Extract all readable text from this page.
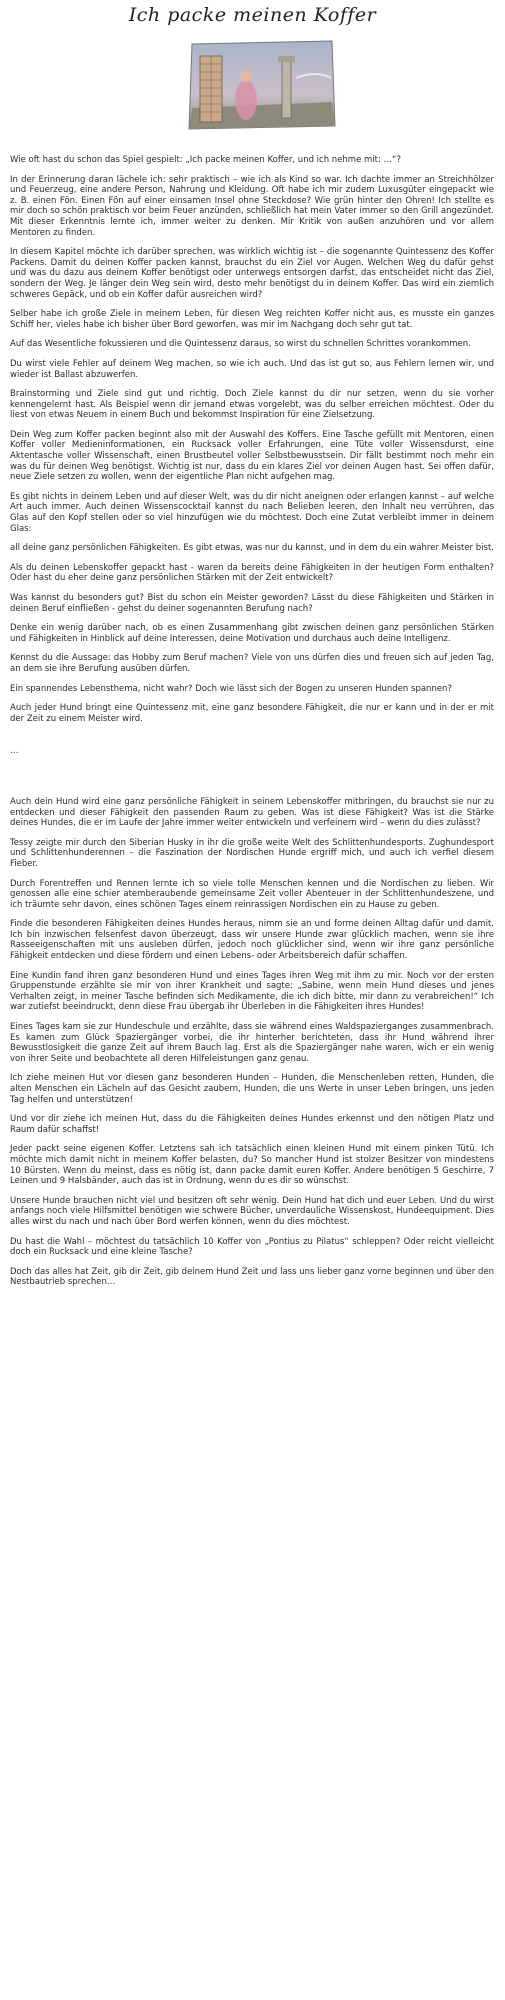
Ich packe meinen Koffer

Wie oft hast du schon das Spiel gespielt: „Ich packe meinen Koffer, und ich nehme mit: …“?

In der Erinnerung daran lächele ich: sehr praktisch – wie ich als Kind so war. Ich dachte immer an Streichhölzer und Feuerzeug, eine andere Person, Nahrung und Kleidung. Oft habe ich mir zudem Luxusgüter eingepackt wie z. B. einen Fön. Einen Fön auf einer einsamen Insel ohne Steckdose? Wie grün hinter den Ohren! Ich stellte es mir doch so schön praktisch vor beim Feuer anzünden, schließlich hat mein Vater immer so den Grill angezündet. Mit dieser Erkenntnis lernte ich, immer weiter zu denken. Mir Kritik von außen anzuhören und vor allem Mentoren zu finden.

In diesem Kapitel möchte ich darüber sprechen, was wirklich wichtig ist – die sogenannte Quintessenz des Koffer Packens. Damit du deinen Koffer packen kannst, brauchst du ein Ziel vor Augen. Welchen Weg du dafür gehst und was du dazu aus deinem Koffer benötigst oder unterwegs entsorgen darfst, das entscheidet nicht das Ziel, sondern der Weg. Je länger dein Weg sein wird, desto mehr benötigst du in deinem Koffer. Das wird ein ziemlich schweres Gepäck, und ob ein Koffer dafür ausreichen wird?

Selber habe ich große Ziele in meinem Leben, für diesen Weg reichten Koffer nicht aus, es musste ein ganzes Schiff her, vieles habe ich bisher über Bord geworfen, was mir im Nachgang doch sehr gut tat.

Auf das Wesentliche fokussieren und die Quintessenz daraus, so wirst du schnellen Schrittes vorankommen.

Du wirst viele Fehler auf deinem Weg machen, so wie ich auch. Und das ist gut so, aus Fehlern lernen wir, und wieder ist Ballast abzuwerfen.

Brainstorming und Ziele sind gut und richtig. Doch Ziele kannst du dir nur setzen, wenn du sie vorher kennengelernt hast. Als Beispiel wenn dir jemand etwas vorgelebt, was du selber erreichen möchtest. Oder du liest von etwas Neuem in einem Buch und bekommst Inspiration für eine Zielsetzung.

Dein Weg zum Koffer packen beginnt also mit der Auswahl des Koffers. Eine Tasche gefüllt mit Mentoren, einen Koffer voller Medieninformationen, ein Rucksack voller Erfahrungen, eine Tüte voller Wissensdurst, eine Aktentasche voller Wissenschaft, einen Brustbeutel voller Selbstbewusstsein. Dir fällt bestimmt noch mehr ein was du für deinen Weg benötigst. Wichtig ist nur, dass du ein klares Ziel vor deinen Augen hast. Sei offen dafür, neue Ziele setzen zu wollen, wenn der eigentliche Plan nicht aufgehen mag.

Es gibt nichts in deinem Leben und auf dieser Welt, was du dir nicht aneignen oder erlangen kannst – auf welche Art auch immer. Auch deinen Wissenscocktail kannst du nach Belieben leeren, den Inhalt neu verrühren, das Glas auf den Kopf stellen oder so viel hinzufügen wie du möchtest. Doch eine Zutat verbleibt immer in deinem Glas:

all deine ganz persönlichen Fähigkeiten. Es gibt etwas, was nur du kannst, und in dem du ein wahrer Meister bist.

Als du deinen Lebenskoffer gepackt hast - waren da bereits deine Fähigkeiten in der heutigen Form enthalten? Oder hast du eher deine ganz persönlichen Stärken mit der Zeit entwickelt?

Was kannst du besonders gut? Bist du schon ein Meister geworden? Lässt du diese Fähigkeiten und Stärken in deinen Beruf einfließen - gehst du deiner sogenannten Berufung nach?

Denke ein wenig darüber nach, ob es einen Zusammenhang gibt zwischen deinen ganz persönlichen Stärken und Fähigkeiten in Hinblick auf deine Interessen, deine Motivation und durchaus auch deine Intelligenz.

Kennst du die Aussage: das Hobby zum Beruf machen? Viele von uns dürfen dies und freuen sich auf jeden Tag, an dem sie ihre Berufung ausüben dürfen.

Ein spannendes Lebensthema, nicht wahr? Doch wie lässt sich der Bogen zu unseren Hunden spannen?

Auch jeder Hund bringt eine Quintessenz mit, eine ganz besondere Fähigkeit, die nur er kann und in der er mit der Zeit zu einem Meister wird.

…

Auch dein Hund wird eine ganz persönliche Fähigkeit in seinem Lebenskoffer mitbringen, du brauchst sie nur zu entdecken und dieser Fähigkeit den passenden Raum zu geben. Was ist diese Fähigkeit? Was ist die Stärke deines Hundes, die er im Laufe der Jahre immer weiter entwickeln und verfeinern wird – wenn du dies zulässt?

Tessy zeigte mir durch den Siberian Husky in ihr die große weite Welt des Schlittenhundesports. Zughundesport und Schlittenhunderennen – die Faszination der Nordischen Hunde ergriff mich, und auch ich verfiel diesem Fieber.

Durch Forentreffen und Rennen lernte ich so viele tolle Menschen kennen und die Nordischen zu lieben. Wir genossen alle eine schier atemberaubende gemeinsame Zeit voller Abenteuer in der Schlittenhundeszene, und ich träumte sehr davon, eines schönen Tages einem reinrassigen Nordischen ein zu Hause zu geben.

Finde die besonderen Fähigkeiten deines Hundes heraus, nimm sie an und forme deinen Alltag dafür und damit. Ich bin inzwischen felsenfest davon überzeugt, dass wir unsere Hunde zwar glücklich machen, wenn sie ihre Rasseeigenschaften mit uns ausleben dürfen, jedoch noch glücklicher sind, wenn wir ihre ganz persönliche Fähigkeit entdecken und diese fördern und einen Lebens- oder Arbeitsbereich dafür schaffen.

Eine Kundin fand ihren ganz besonderen Hund und eines Tages ihren Weg mit ihm zu mir. Noch vor der ersten Gruppenstunde erzählte sie mir von ihrer Krankheit und sagte: „Sabine, wenn mein Hund dieses und jenes Verhalten zeigt, in meiner Tasche befinden sich Medikamente, die ich dich bitte, mir dann zu verabreichen!“ Ich war zutiefst beeindruckt, denn diese Frau übergab ihr Überleben in die Fähigkeiten ihres Hundes!

Eines Tages kam sie zur Hundeschule und erzählte, dass sie während eines Waldspazierganges zusammenbrach. Es kamen zum Glück Spaziergänger vorbei, die ihr hinterher berichteten, dass ihr Hund während ihrer Bewusstlosigkeit die ganze Zeit auf ihrem Bauch lag. Erst als die Spaziergänger nahe waren, wich er ein wenig von ihrer Seite und beobachtete all deren Hilfeleistungen ganz genau.

Ich ziehe meinen Hut vor diesen ganz besonderen Hunden – Hunden, die Menschenleben retten, Hunden, die alten Menschen ein Lächeln auf das Gesicht zaubern, Hunden, die uns Werte in unser Leben bringen, uns jeden Tag helfen und unterstützen!

Und vor dir ziehe ich meinen Hut, dass du die Fähigkeiten deines Hundes erkennst und den nötigen Platz und Raum dafür schaffst!

Jeder packt seine eigenen Koffer. Letztens sah ich tatsächlich einen kleinen Hund mit einem pinken Tütü. Ich möchte mich damit nicht in meinem Koffer belasten, du? So mancher Hund ist stolzer Besitzer von mindestens 10 Bürsten. Wenn du meinst, dass es nötig ist, dann packe damit euren Koffer. Andere benötigen 5 Geschirre, 7 Leinen und 9 Halsbänder, auch das ist in Ordnung, wenn du es dir so wünschst.

Unsere Hunde brauchen nicht viel und besitzen oft sehr wenig. Dein Hund hat dich und euer Leben. Und du wirst anfangs noch viele Hilfsmittel benötigen wie schwere Bücher, unverdauliche Wissenskost, Hundeequipment. Dies alles wirst du nach und nach über Bord werfen können, wenn du dies möchtest.

Du hast die Wahl – möchtest du tatsächlich 10 Koffer von „Pontius zu Pilatus“ schleppen? Oder reicht vielleicht doch ein Rucksack und eine kleine Tasche?

Doch das alles hat Zeit, gib dir Zeit, gib deinem Hund Zeit und lass uns lieber ganz vorne beginnen und über den Nestbautrieb sprechen…
